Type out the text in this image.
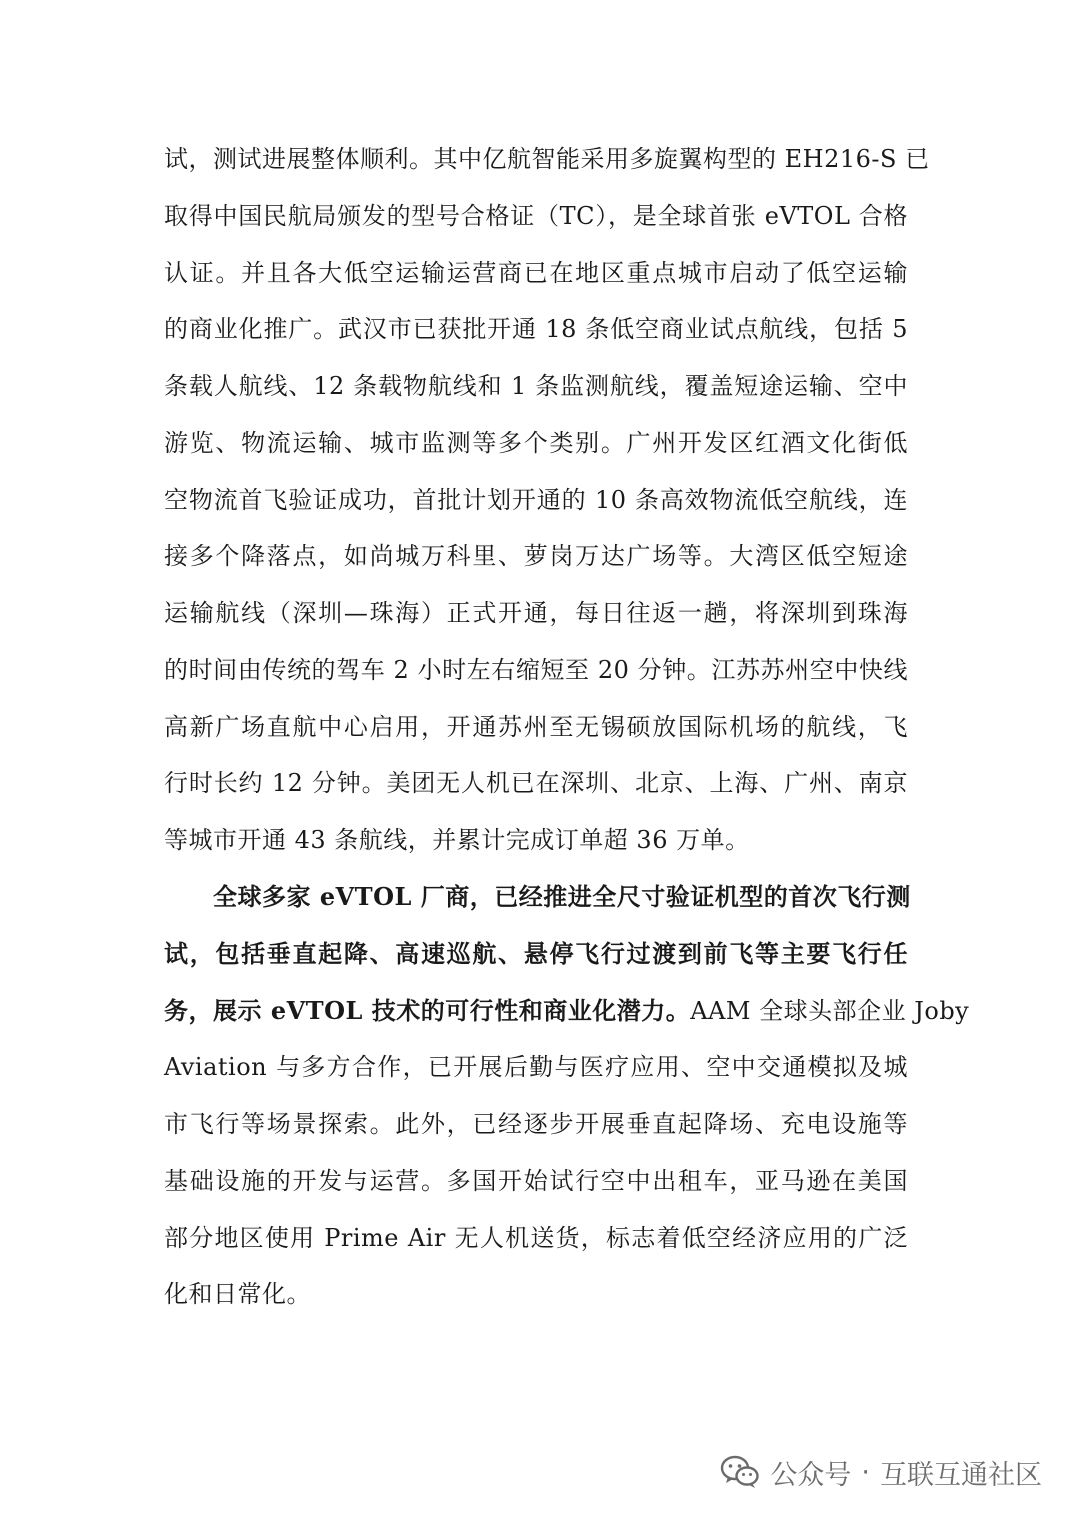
试，测试进展整体顺利。其中亿航智能采用多旋翼构型的 EH216-S 已
取得中国民航局颁发的型号合格证（TC），是全球首张 eVTOL 合格
认证。并且各大低空运输运营商已在地区重点城市启动了低空运输
的商业化推广。武汉市已获批开通 18 条低空商业试点航线，包括 5
条载人航线、12 条载物航线和 1 条监测航线，覆盖短途运输、空中
游览、物流运输、城市监测等多个类别。广州开发区红酒文化街低
空物流首飞验证成功，首批计划开通的 10 条高效物流低空航线，连
接多个降落点，如尚城万科里、萝岗万达广场等。大湾区低空短途
运输航线（深圳—珠海）正式开通，每日往返一趟，将深圳到珠海
的时间由传统的驾车 2 小时左右缩短至 20 分钟。江苏苏州空中快线
高新广场直航中心启用，开通苏州至无锡硕放国际机场的航线，飞
行时长约 12 分钟。美团无人机已在深圳、北京、上海、广州、南京
等城市开通 43 条航线，并累计完成订单超 36 万单。
　　全球多家 eVTOL 厂商，已经推进全尺寸验证机型的首次飞行测
试，包括垂直起降、高速巡航、悬停飞行过渡到前飞等主要飞行任
务，展示 eVTOL 技术的可行性和商业化潜力。AAM 全球头部企业 Joby
Aviation 与多方合作，已开展后勤与医疗应用、空中交通模拟及城
市飞行等场景探索。此外，已经逐步开展垂直起降场、充电设施等
基础设施的开发与运营。多国开始试行空中出租车，亚马逊在美国
部分地区使用 Prime Air 无人机送货，标志着低空经济应用的广泛
化和日常化。
公众号 · 互联互通社区
